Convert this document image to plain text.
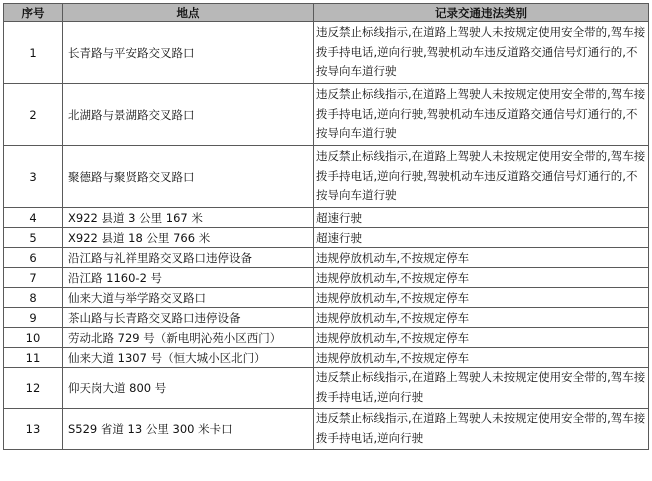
序号	地点	记录交通违法类别
1	长青路与平安路交叉路口	违反禁止标线指示,在道路上驾驶人未按规定使用安全带的,驾车接拨手持电话,逆向行驶,驾驶机动车违反道路交通信号灯通行的,不按导向车道行驶
2	北湖路与景湖路交叉路口	违反禁止标线指示,在道路上驾驶人未按规定使用安全带的,驾车接拨手持电话,逆向行驶,驾驶机动车违反道路交通信号灯通行的,不按导向车道行驶
3	聚德路与聚贤路交叉路口	违反禁止标线指示,在道路上驾驶人未按规定使用安全带的,驾车接拨手持电话,逆向行驶,驾驶机动车违反道路交通信号灯通行的,不按导向车道行驶
4	X922 县道 3 公里 167 米	超速行驶
5	X922 县道 18 公里 766 米	超速行驶
6	沿江路与礼祥里路交叉路口违停设备	违规停放机动车,不按规定停车
7	沿江路 1160-2 号	违规停放机动车,不按规定停车
8	仙来大道与举学路交叉路口	违规停放机动车,不按规定停车
9	茶山路与长青路交叉路口违停设备	违规停放机动车,不按规定停车
10	劳动北路 729 号（新电明沁苑小区西门）	违规停放机动车,不按规定停车
11	仙来大道 1307 号（恒大城小区北门）	违规停放机动车,不按规定停车
12	仰天岗大道 800 号	违反禁止标线指示,在道路上驾驶人未按规定使用安全带的,驾车接拨手持电话,逆向行驶
13	S529 省道 13 公里 300 米卡口	违反禁止标线指示,在道路上驾驶人未按规定使用安全带的,驾车接拨手持电话,逆向行驶
